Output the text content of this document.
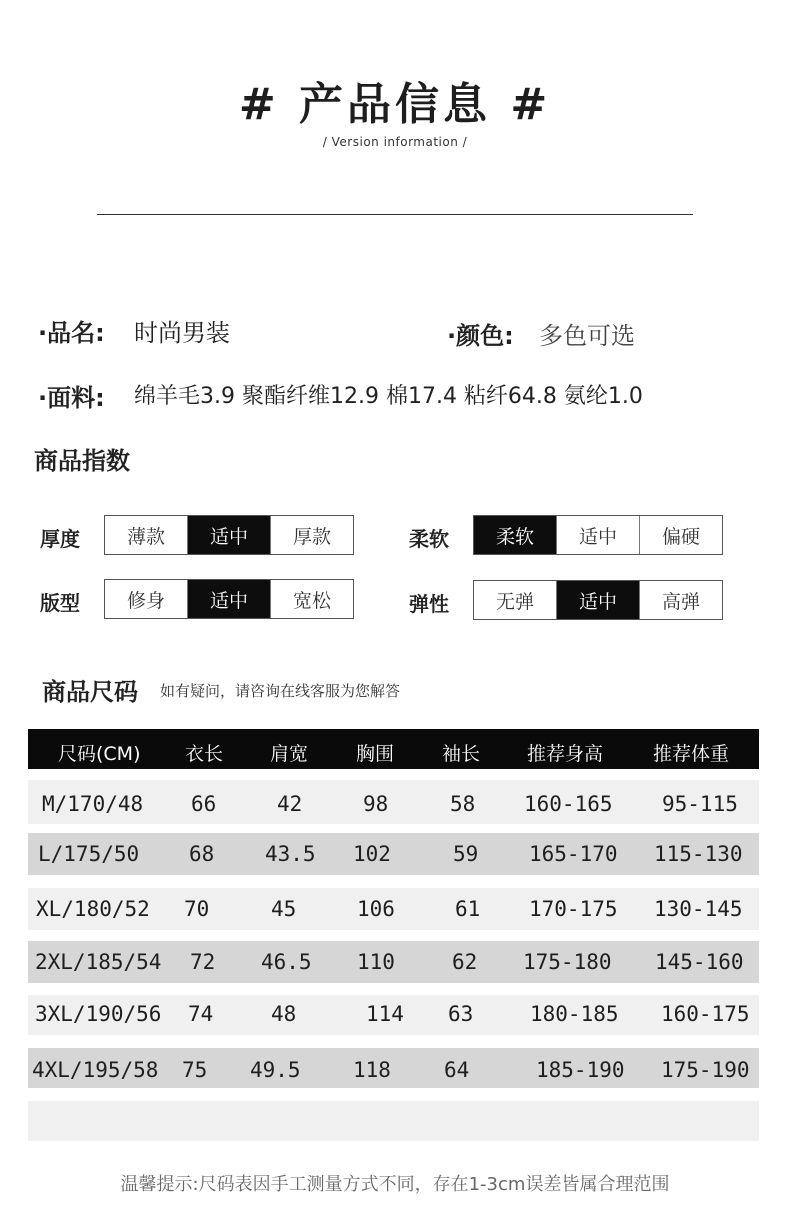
# 产品信息 #
/ Version information /
·品名: 时尚男装	·颜色: 多色可选
·面料: 绵羊毛3.9 聚酯纤维12.9 棉17.4 粘纤64.8 氨纶1.0
商品指数
厚度	薄款	适中	厚款	柔软	柔软	适中	偏硬
版型	修身	适中	宽松	弹性	无弹	适中	高弹
商品尺码 如有疑问，请咨询在线客服为您解答
尺码(CM) 衣长 肩宽	胸围	袖长 推荐身高	推荐体重
M/170/48 66	42	98	58 160-165 95-115
L/175/50 68 43.5 102	59 165-170 115-130
XL/180/52 70	45	106	61 170-175 130-145
2XL/185/54 72 46.5 110	62 175-180 145-160
3XL/190/56 74	48	114 63	180-185 160-175
4XL/195/58 75 49.5 118	64	185-190 175-190
温馨提示:尺码表因手工测量方式不同，存在1-3cm误差皆属合理范围
